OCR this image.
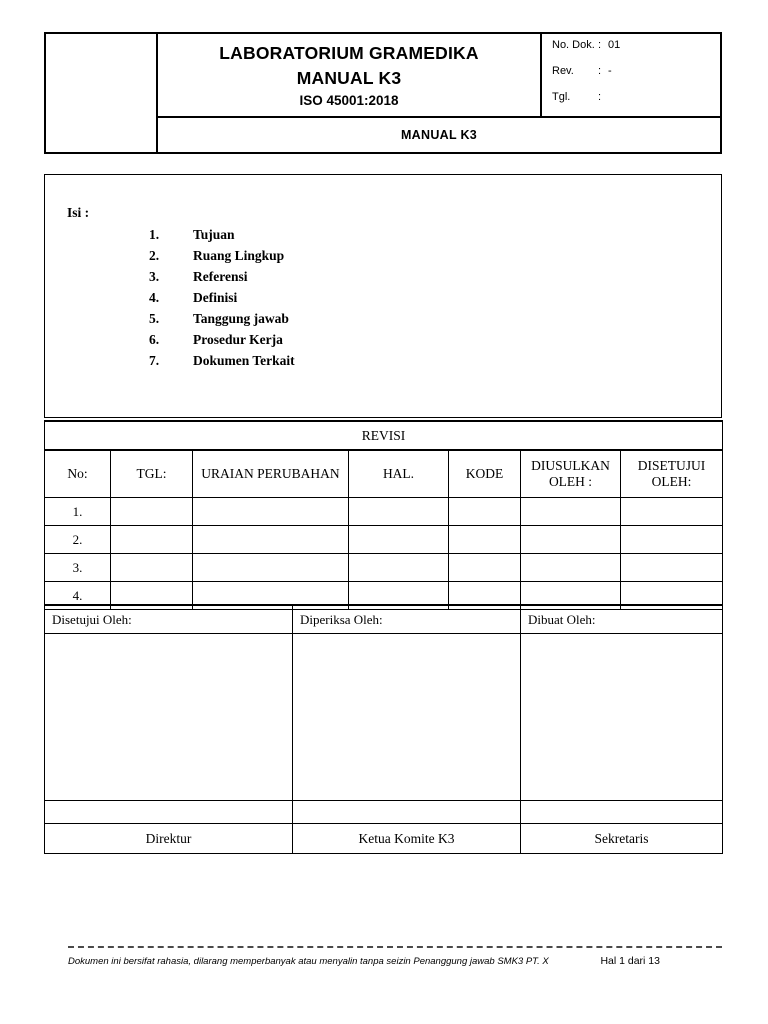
LABORATORIUM GRAMEDIKA
MANUAL K3
ISO 45001:2018
No. Dok. : 01
Rev.	: -
Tgl.	:
MANUAL K3
Isi :
1.	Tujuan
2.	Ruang Lingkup
3.	Referensi
4.	Definisi
5.	Tanggung jawab
6.	Prosedur Kerja
7.	Dokumen Terkait
REVISI						
No:	TGL:	URAIAN PERUBAHAN	HAL.	KODE	DIUSULKAN OLEH :	DISETUJUI OLEH:
1.						
2.						
3.						
4.						
Disetujui Oleh:	Diperiksa Oleh:	Dibuat Oleh:

Direktur	Ketua Komite K3	Sekretaris
Dokumen ini bersifat rahasia, dilarang memperbanyak atau menyalin tanpa seizin Penanggung jawab SMK3 PT. X	Hal 1 dari 13
